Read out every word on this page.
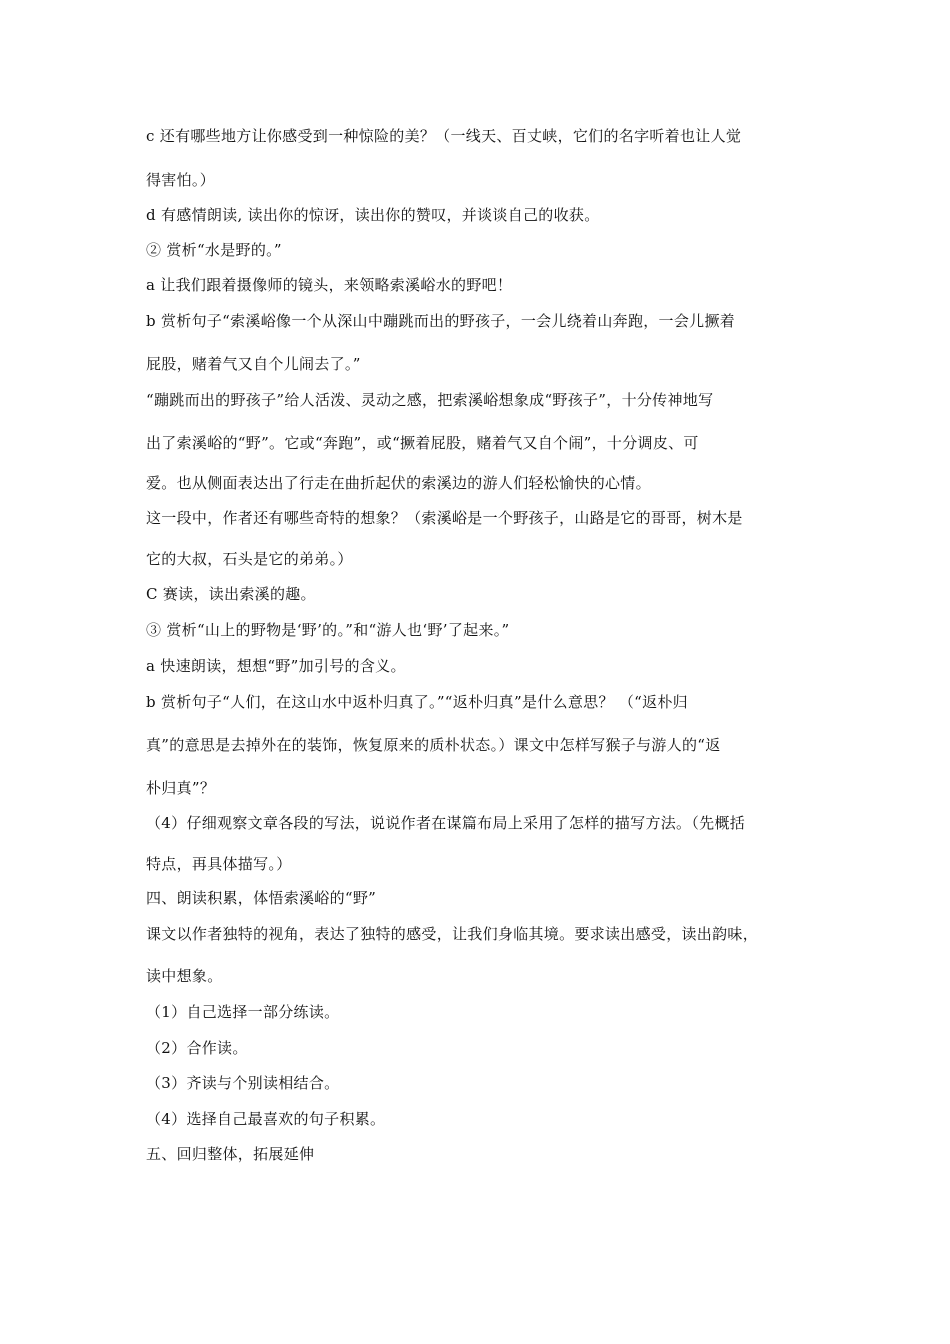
c 还有哪些地方让你感受到一种惊险的美？（一线天、百丈峡，它们的名字听着也让人觉
得害怕。）
d 有感情朗读, 读出你的惊讶，读出你的赞叹，并谈谈自己的收获。
② 赏析“水是野的。”
a 让我们跟着摄像师的镜头，来领略索溪峪水的野吧！
b 赏析句子“索溪峪像一个从深山中蹦跳而出的野孩子，一会儿绕着山奔跑，一会儿撅着
屁股，赌着气又自个儿闹去了。”
“蹦跳而出的野孩子”给人活泼、灵动之感，把索溪峪想象成“野孩子”，十分传神地写
出了索溪峪的“野”。它或“奔跑”，或“撅着屁股，赌着气又自个闹”，十分调皮、可
爱。也从侧面表达出了行走在曲折起伏的索溪边的游人们轻松愉快的心情。
这一段中，作者还有哪些奇特的想象？（索溪峪是一个野孩子，山路是它的哥哥，树木是
它的大叔，石头是它的弟弟。）
C 赛读，读出索溪的趣。
③ 赏析“山上的野物是‘野’的。”和“游人也‘野’了起来。”
a 快速朗读，想想“野”加引号的含义。
b 赏析句子“人们，在这山水中返朴归真了。”“返朴归真”是什么意思？ （“返朴归
真”的意思是去掉外在的装饰，恢复原来的质朴状态。）课文中怎样写猴子与游人的“返
朴归真”？
（4）仔细观察文章各段的写法，说说作者在谋篇布局上采用了怎样的描写方法。（先概括
特点，再具体描写。）
四、朗读积累，体悟索溪峪的“野”
课文以作者独特的视角，表达了独特的感受，让我们身临其境。要求读出感受，读出韵味，
读中想象。
（1）自己选择一部分练读。
（2）合作读。
（3）齐读与个别读相结合。
（4）选择自己最喜欢的句子积累。
五、回归整体，拓展延伸
